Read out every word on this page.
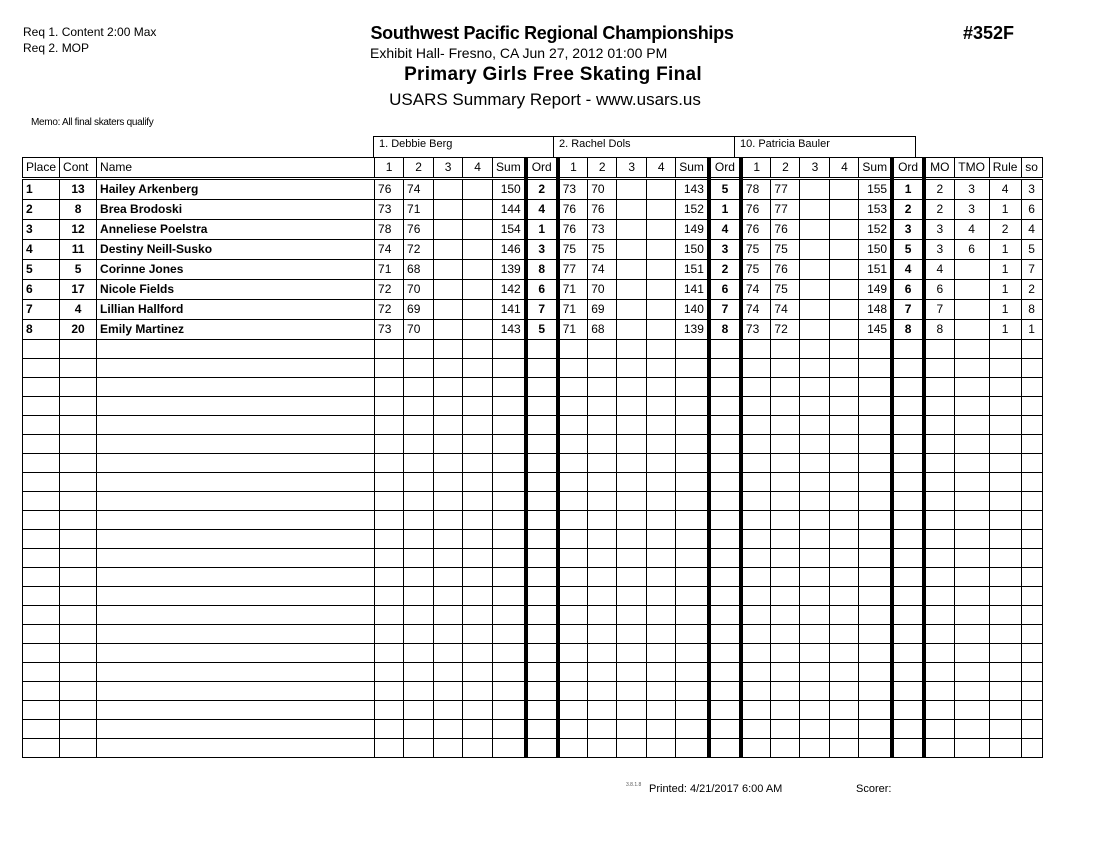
Req 1. Content 2:00 Max
Req 2. MOP
Southwest Pacific Regional Championships
Exhibit Hall- Fresno, CA Jun 27, 2012 01:00 PM
Primary Girls Free Skating Final
USARS Summary Report - www.usars.us
#352F
Memo: All final skaters qualify
1. Debbie Berg	2. Rachel Dols	10. Patricia Bauler
Place	Cont	Name	1	2	3	4	Sum	Ord	1	2	3	4	Sum	Ord	1	2	3	4	Sum	Ord	MO	TMO	Rule	so
1	13	Hailey Arkenberg	76	74			150	2	73	70			143	5	78	77			155	1	2	3	4	3
2	8	Brea Brodoski	73	71			144	4	76	76			152	1	76	77			153	2	2	3	1	6
3	12	Anneliese Poelstra	78	76			154	1	76	73			149	4	76	76			152	3	3	4	2	4
4	11	Destiny Neill-Susko	74	72			146	3	75	75			150	3	75	75			150	5	3	6	1	5
5	5	Corinne Jones	71	68			139	8	77	74			151	2	75	76			151	4	4		1	7
6	17	Nicole Fields	72	70			142	6	71	70			141	6	74	75			149	6	6		1	2
7	4	Lillian Hallford	72	69			141	7	71	69			140	7	74	74			148	7	7		1	8
8	20	Emily Martinez	73	70			143	5	71	68			139	8	73	72			145	8	8		1	1

3.8.1.8 Printed: 4/21/2017 6:00 AM	Scorer:
